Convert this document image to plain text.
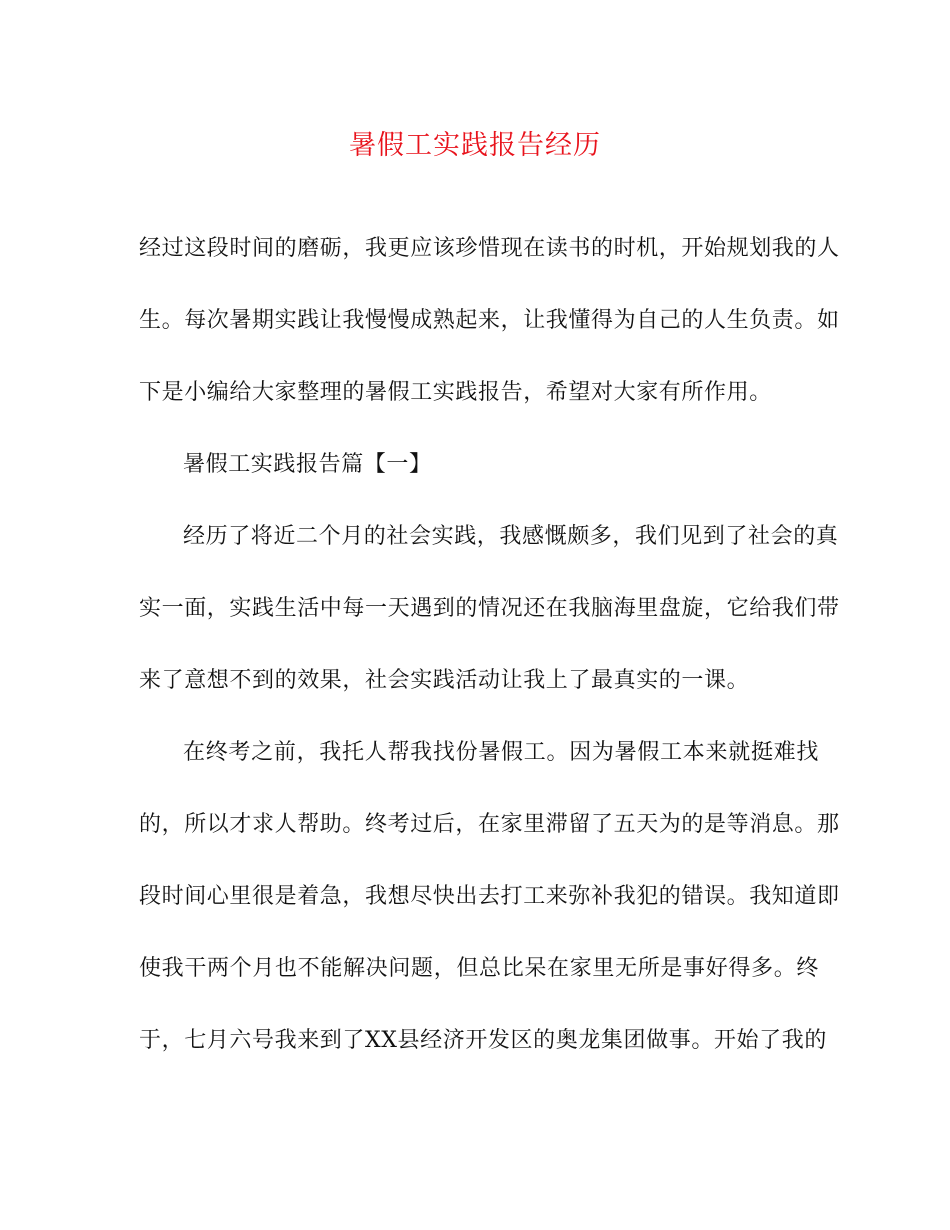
暑假工实践报告经历
经过这段时间的磨砺，我更应该珍惜现在读书的时机，开始规划我的人
生。每次暑期实践让我慢慢成熟起来，让我懂得为自己的人生负责。如
下是小编给大家整理的暑假工实践报告，希望对大家有所作用。
暑假工实践报告篇【一】
经历了将近二个月的社会实践，我感慨颇多，我们见到了社会的真
实一面，实践生活中每一天遇到的情况还在我脑海里盘旋，它给我们带
来了意想不到的效果，社会实践活动让我上了最真实的一课。
在终考之前，我托人帮我找份暑假工。因为暑假工本来就挺难找
的，所以才求人帮助。终考过后，在家里滞留了五天为的是等消息。那
段时间心里很是着急，我想尽快出去打工来弥补我犯的错误。我知道即
使我干两个月也不能解决问题，但总比呆在家里无所是事好得多。终
于，七月六号我来到了XX县经济开发区的奥龙集团做事。开始了我的
